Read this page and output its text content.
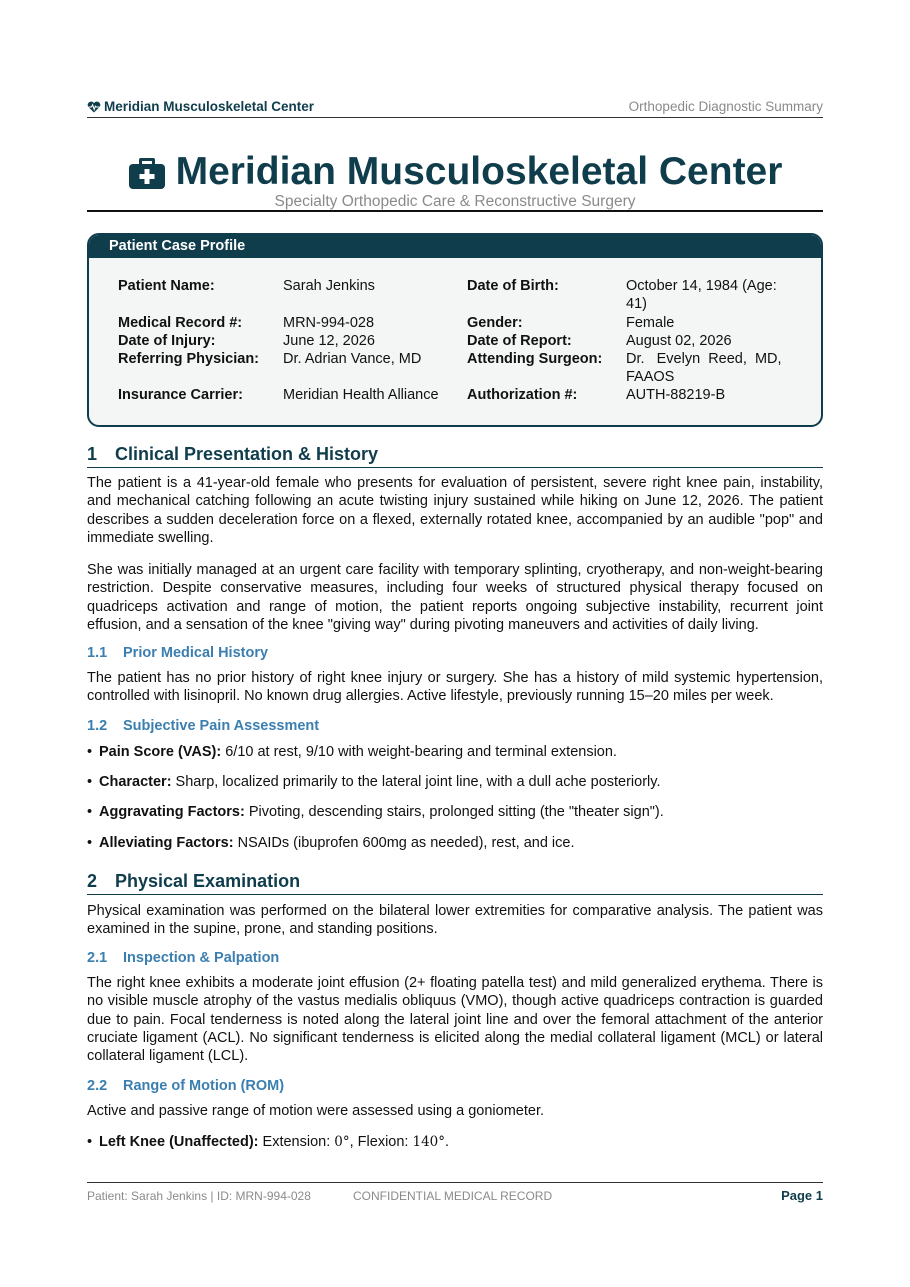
Meridian Musculoskeletal Center	Orthopedic Diagnostic Summary
Meridian Musculoskeletal Center
Specialty Orthopedic Care & Reconstructive Surgery
Patient Case Profile
Patient Name:	Sarah Jenkins	Date of Birth:	October 14, 1984 (Age:
41)
Medical Record #:	MRN-994-028	Gender:	Female
Date of Injury:	June 12, 2026	Date of Report:	August 02, 2026
Referring Physician: Dr. Adrian Vance, MD	Attending Surgeon: Dr.   Evelyn  Reed,  MD,
FAAOS
Insurance Carrier:	Meridian Health Alliance Authorization #:	AUTH-88219-B
1 Clinical Presentation & History
The patient is a 41-year-old female who presents for evaluation of persistent, severe right knee pain, instability, and mechanical catching following an acute twisting injury sustained while hiking on June 12, 2026. The patient describes a sudden deceleration force on a flexed, externally rotated knee, accompanied by an audible "pop" and immediate swelling.
She was initially managed at an urgent care facility with temporary splinting, cryotherapy, and non-weight-bearing restriction. Despite conservative measures, including four weeks of structured physical therapy focused on quadriceps activation and range of motion, the patient reports ongoing subjective instability, recurrent joint effusion, and a sensation of the knee "giving way" during pivoting maneuvers and activities of daily living.
1.1 Prior Medical History
The patient has no prior history of right knee injury or surgery. She has a history of mild systemic hypertension, controlled with lisinopril. No known drug allergies. Active lifestyle, previously running 15–20 miles per week.
1.2 Subjective Pain Assessment
• Pain Score (VAS): 6/10 at rest, 9/10 with weight-bearing and terminal extension.
• Character: Sharp, localized primarily to the lateral joint line, with a dull ache posteriorly.
• Aggravating Factors: Pivoting, descending stairs, prolonged sitting (the "theater sign").
• Alleviating Factors: NSAIDs (ibuprofen 600mg as needed), rest, and ice.
2 Physical Examination
Physical examination was performed on the bilateral lower extremities for comparative analysis. The patient was examined in the supine, prone, and standing positions.
2.1 Inspection & Palpation
The right knee exhibits a moderate joint effusion (2+ floating patella test) and mild generalized erythema. There is no visible muscle atrophy of the vastus medialis obliquus (VMO), though active quadriceps contraction is guarded due to pain. Focal tenderness is noted along the lateral joint line and over the femoral attachment of the anterior cruciate ligament (ACL). No significant tenderness is elicited along the medial collateral ligament (MCL) or lateral collateral ligament (LCL).
2.2 Range of Motion (ROM)
Active and passive range of motion were assessed using a goniometer.
• Left Knee (Unaffected): Extension: 0°, Flexion: 140°.
Patient: Sarah Jenkins | ID: MRN-994-028	CONFIDENTIAL MEDICAL RECORD	Page 1
